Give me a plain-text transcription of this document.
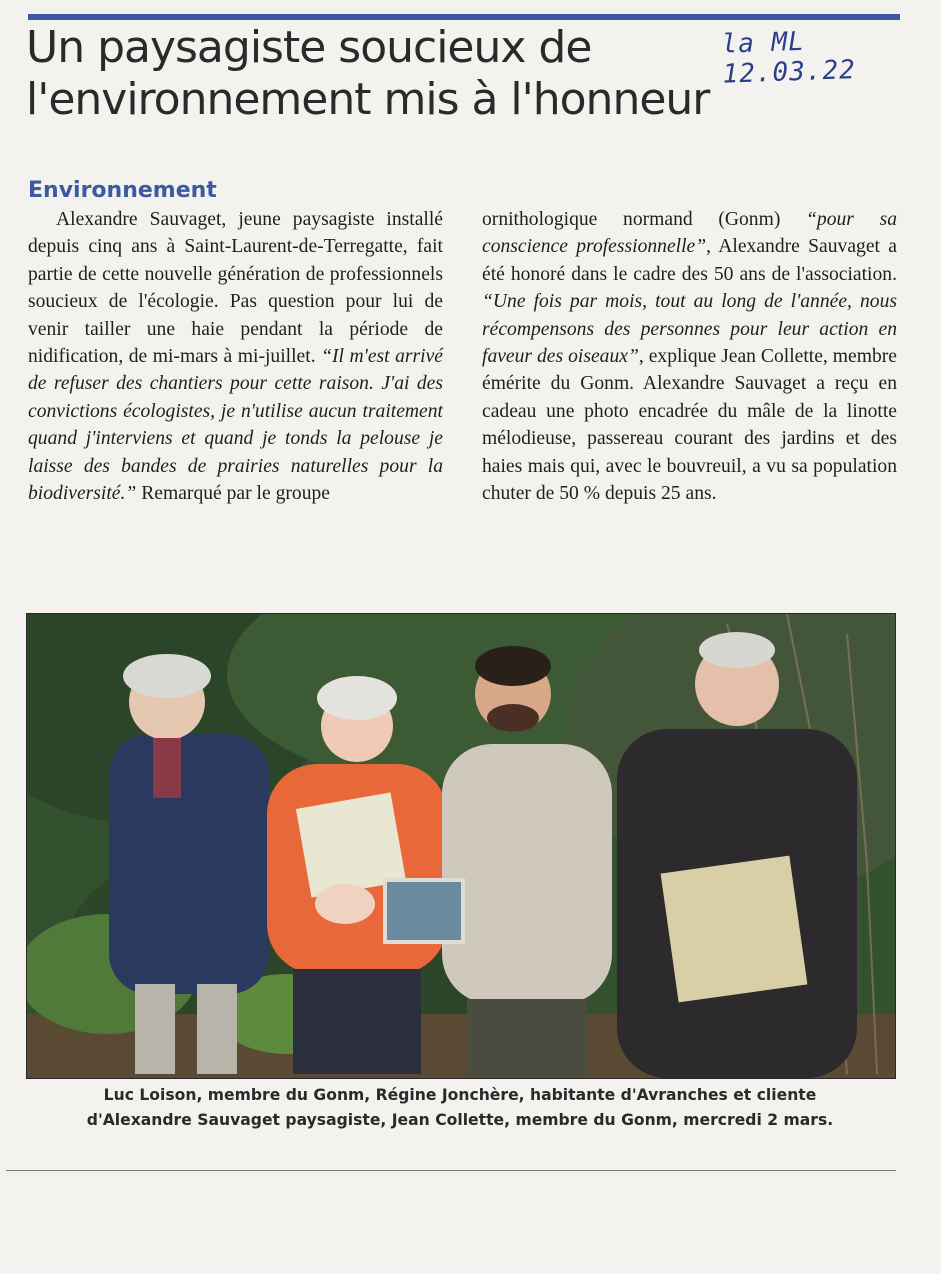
Un paysagiste soucieux de l'environnement mis à l'honneur
la ML 12.03.22
Environnement
Alexandre Sauvaget, jeune paysagiste installé depuis cinq ans à Saint-Laurent-de-Terregatte, fait partie de cette nouvelle génération de professionnels soucieux de l'écologie. Pas question pour lui de venir tailler une haie pendant la période de nidification, de mi-mars à mi-juillet. “Il m'est arrivé de refuser des chantiers pour cette raison. J'ai des convictions écologistes, je n'utilise aucun traitement quand j'interviens et quand je tonds la pelouse je laisse des bandes de prairies naturelles pour la biodiversité.” Remarqué par le groupe
ornithologique normand (Gonm) “pour sa conscience professionnelle”, Alexandre Sauvaget a été honoré dans le cadre des 50 ans de l'association. “Une fois par mois, tout au long de l'année, nous récompensons des personnes pour leur action en faveur des oiseaux”, explique Jean Collette, membre émérite du Gonm. Alexandre Sauvaget a reçu en cadeau une photo encadrée du mâle de la linotte mélodieuse, passereau courant des jardins et des haies mais qui, avec le bouvreuil, a vu sa population chuter de 50 % depuis 25 ans.
Luc Loison, membre du Gonm, Régine Jonchère, habitante d'Avranches et cliente d'Alexandre Sauvaget paysagiste, Jean Collette, membre du Gonm, mercredi 2 mars.
